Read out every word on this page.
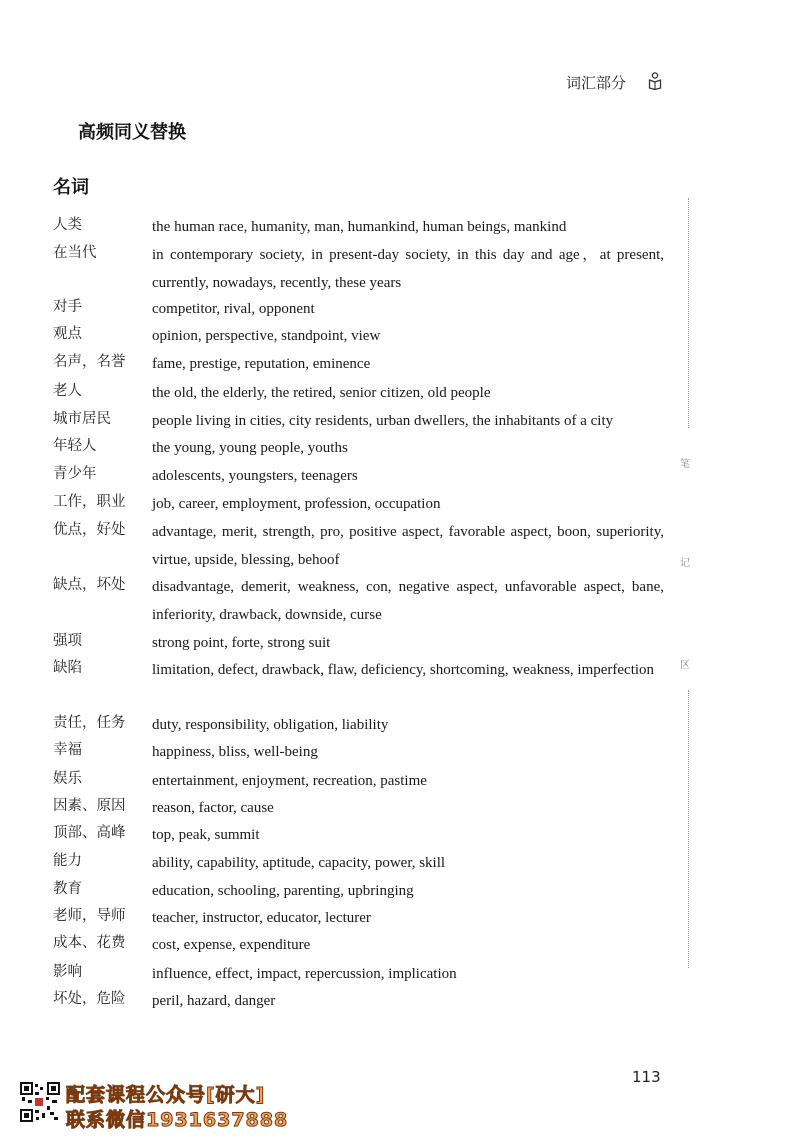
词汇部分
高频同义替换
名词
人类	the human race, humanity, man, humankind, human beings, mankind
在当代	in contemporary society, in present-day society, in this day and age，at present, currently, nowadays, recently, these years
对手	competitor, rival, opponent
观点	opinion, perspective, standpoint, view
名声，名誉 fame, prestige, reputation, eminence
老人	the old, the elderly, the retired, senior citizen, old people
城市居民	people living in cities, city residents, urban dwellers, the inhabitants of a city
年轻人	the young, young people, youths
青少年	adolescents, youngsters, teenagers
工作，职业 job, career, employment, profession, occupation
优点，好处 advantage, merit, strength, pro, positive aspect, favorable aspect, boon, superiority, virtue, upside, blessing, behoof
缺点，坏处 disadvantage, demerit, weakness, con, negative aspect, unfavorable aspect, bane, inferiority, drawback, downside, curse
强项	strong point, forte, strong suit
缺陷	limitation, defect, drawback, flaw, deficiency, shortcoming, weakness, imperfection
责任，任务 duty, responsibility, obligation, liability
幸福	happiness, bliss, well-being
娱乐	entertainment, enjoyment, recreation, pastime
因素、原因 reason, factor, cause
顶部、高峰 top, peak, summit
能力	ability, capability, aptitude, capacity, power, skill
教育	education, schooling, parenting, upbringing
老师，导师 teacher, instructor, educator, lecturer
成本、花费 cost, expense, expenditure
影响	influence, effect, impact, repercussion, implication
坏处，危险 peril, hazard, danger
笔
记
区
113
配套课程公众号[研大]
联系微信1931637888
